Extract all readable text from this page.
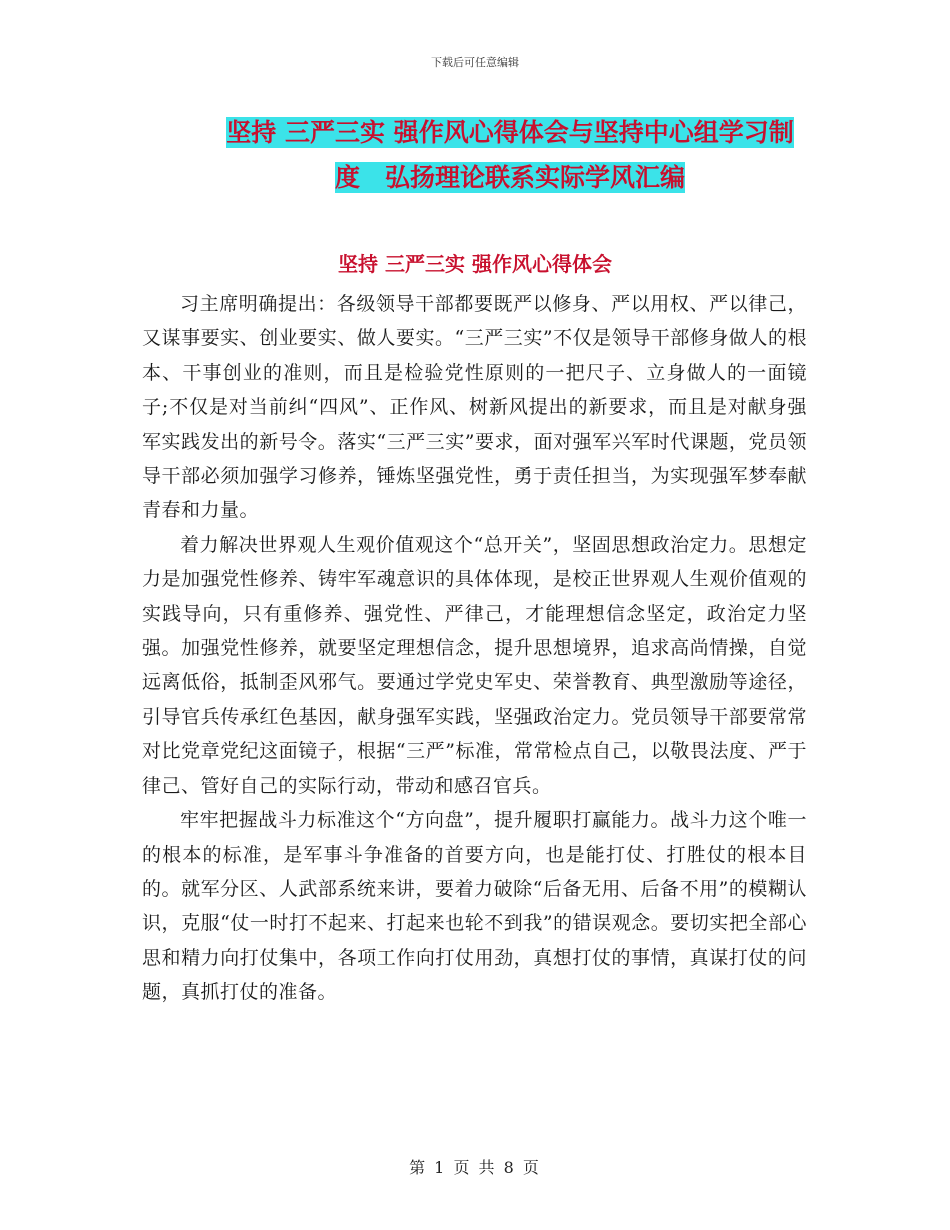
下载后可任意编辑
坚持 三严三实 强作风心得体会与坚持中心组学习制
度　弘扬理论联系实际学风汇编
坚持 三严三实 强作风心得体会

习主席明确提出：各级领导干部都要既严以修身、严以用权、严以律己，又谋事要实、创业要实、做人要实。“三严三实”不仅是领导干部修身做人的根本、干事创业的准则，而且是检验党性原则的一把尺子、立身做人的一面镜子;不仅是对当前纠“四风”、正作风、树新风提出的新要求，而且是对献身强军实践发出的新号令。落实“三严三实”要求，面对强军兴军时代课题，党员领导干部必须加强学习修养，锤炼坚强党性，勇于责任担当，为实现强军梦奉献青春和力量。

着力解决世界观人生观价值观这个“总开关”，坚固思想政治定力。思想定力是加强党性修养、铸牢军魂意识的具体体现，是校正世界观人生观价值观的实践导向，只有重修养、强党性、严律己，才能理想信念坚定，政治定力坚强。加强党性修养，就要坚定理想信念，提升思想境界，追求高尚情操，自觉远离低俗，抵制歪风邪气。要通过学党史军史、荣誉教育、典型激励等途径，引导官兵传承红色基因，献身强军实践，坚强政治定力。党员领导干部要常常对比党章党纪这面镜子，根据“三严”标准，常常检点自己，以敬畏法度、严于律己、管好自己的实际行动，带动和感召官兵。

牢牢把握战斗力标准这个“方向盘”，提升履职打赢能力。战斗力这个唯一的根本的标准，是军事斗争准备的首要方向，也是能打仗、打胜仗的根本目的。就军分区、人武部系统来讲，要着力破除“后备无用、后备不用”的模糊认识，克服“仗一时打不起来、打起来也轮不到我”的错误观念。要切实把全部心思和精力向打仗集中，各项工作向打仗用劲，真想打仗的事情，真谋打仗的问题，真抓打仗的准备。

第 1 页 共 8 页
